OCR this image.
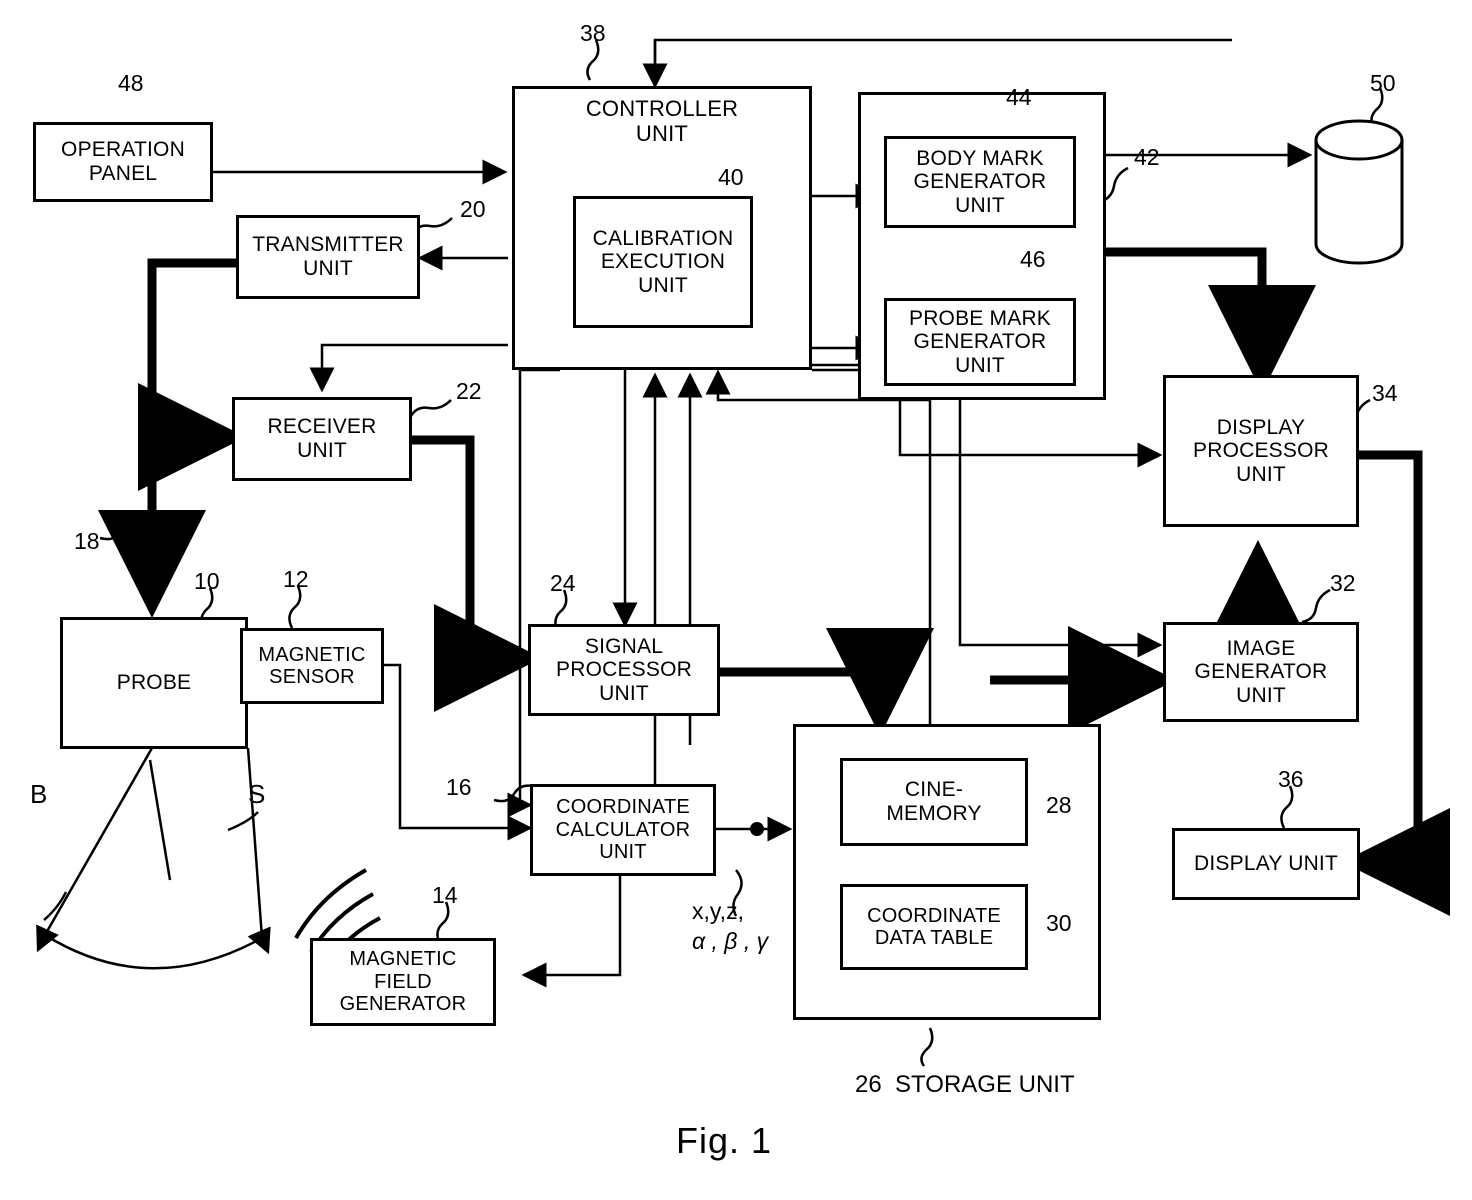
OPERATION
PANEL
48
TRANSMITTER
UNIT
20
RECEIVER
UNIT
22
18
CONTROLLER
UNIT
38
CALIBRATION
EXECUTION
UNIT
40
42
BODY MARK
GENERATOR
UNIT
44
PROBE MARK
GENERATOR
UNIT
46
50
DISPLAY
PROCESSOR
UNIT
34
IMAGE
GENERATOR
UNIT
32
DISPLAY UNIT
36
PROBE
10
MAGNETIC
SENSOR
12
MAGNETIC
FIELD
GENERATOR
14
SIGNAL
PROCESSOR
UNIT
24
COORDINATE
CALCULATOR
UNIT
16

26 STORAGE UNIT

CINE-
MEMORY	28
COORDINATE
DATA TABLE
30
B	S
x,y,z,
α , β , γ
Fig. 1
